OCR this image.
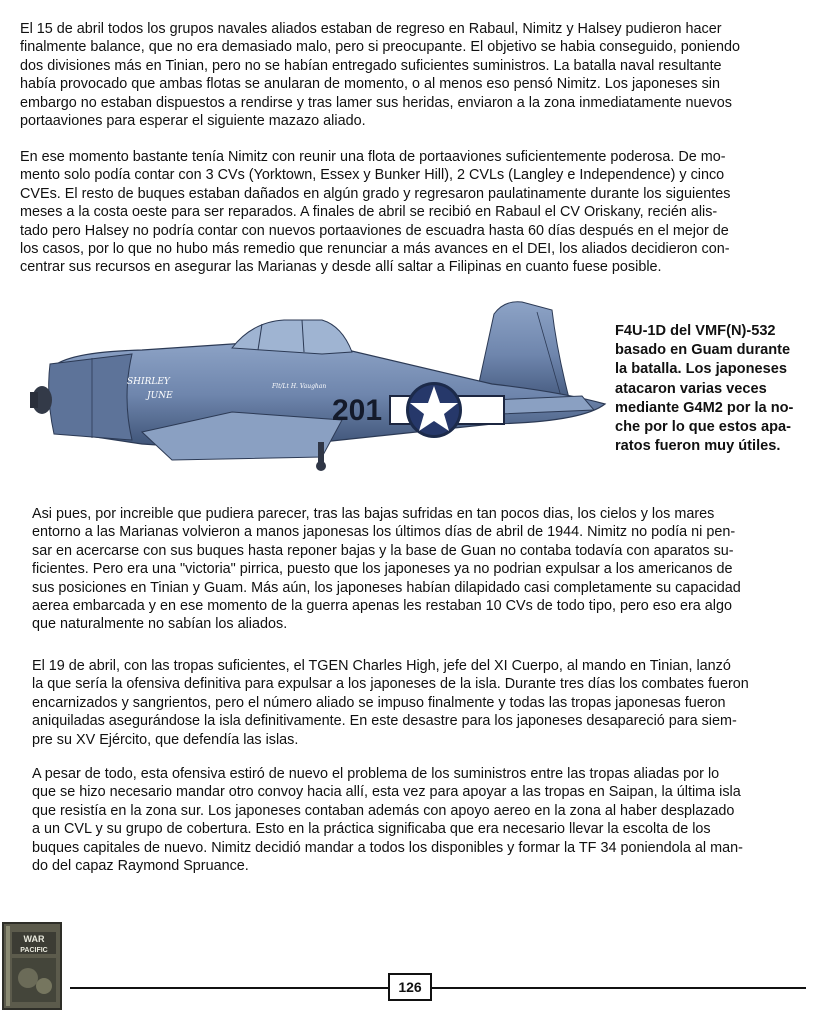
El 15 de abril todos los grupos navales aliados estaban de regreso en Rabaul, Nimitz y Halsey pudieron hacer
finalmente balance, que no era demasiado malo, pero si preocupante. El objetivo se habia conseguido, poniendo
dos divisiones más en Tinian, pero no se habían entregado suficientes suministros. La batalla naval resultante
había provocado que ambas flotas se anularan de momento, o al menos eso pensó Nimitz. Los japoneses sin
embargo no estaban dispuestos a rendirse y tras lamer sus heridas, enviaron a la zona inmediatamente nuevos
portaaviones para esperar el siguiente mazazo aliado.
En ese momento bastante tenía Nimitz con reunir una flota de portaaviones suficientemente poderosa. De mo-
mento solo podía contar con 3 CVs (Yorktown, Essex y Bunker Hill), 2 CVLs (Langley e Independence) y cinco
CVEs. El resto de buques estaban dañados en algún grado y regresaron paulatinamente durante los siguientes
meses a la costa oeste para ser reparados. A finales de abril se recibió en Rabaul el CV Oriskany, recién alis-
tado pero Halsey no podría contar con nuevos portaaviones de escuadra hasta 60 días después en el mejor de
los casos, por lo que no hubo más remedio que renunciar a más avances en el DEI, los aliados decidieron con-
centrar sus recursos en asegurar las Marianas y desde allí saltar a Filipinas en cuanto fuese posible.
201
SHIRLEY
JUNE
Flt/Lt H. Vaughan
F4U-1D del VMF(N)-532
basado en Guam durante
la batalla. Los japoneses
atacaron varias veces
mediante G4M2 por la no-
che por lo que estos apa-
ratos fueron muy útiles.
Asi pues, por increible que pudiera parecer, tras las bajas sufridas en tan pocos dias, los cielos y los mares
entorno a las Marianas volvieron a manos japonesas los últimos días de abril de 1944. Nimitz no podía ni pen-
sar en acercarse con sus buques hasta reponer bajas y la base de Guan no contaba todavía con aparatos su-
ficientes. Pero era una "victoria" pirrica, puesto que los japoneses ya no podrian expulsar a los americanos de
sus posiciones en Tinian y Guam. Más aún, los japoneses habían dilapidado casi completamente su capacidad
aerea embarcada y en ese momento de la guerra apenas les restaban 10 CVs de todo tipo, pero eso era algo
que naturalmente no sabían los aliados.
El 19 de abril, con las tropas suficientes, el TGEN Charles High, jefe del XI Cuerpo, al mando en Tinian, lanzó
la que sería la ofensiva definitiva para expulsar a los japoneses de la isla. Durante tres días los combates fueron
encarnizados y sangrientos, pero el número aliado se impuso finalmente y todas las tropas japonesas fueron
aniquiladas asegurándose la isla definitivamente. En este desastre para los japoneses desapareció para siem-
pre su XV Ejército, que defendía las islas.
A pesar de todo, esta ofensiva estiró de nuevo el problema de los suministros entre las tropas aliadas por lo
que se hizo necesario mandar otro convoy hacia allí, esta vez para apoyar a las tropas en Saipan, la última isla
que resistía en la zona sur. Los japoneses contaban además con apoyo aereo en la zona al haber desplazado
a un CVL y su grupo de cobertura. Esto en la práctica significaba que era necesario llevar la escolta de los
buques capitales de nuevo. Nimitz decidió mandar a todos los disponibles y formar la TF 34 poniendola al man-
do del capaz Raymond Spruance.
WAR
PACIFIC
126
